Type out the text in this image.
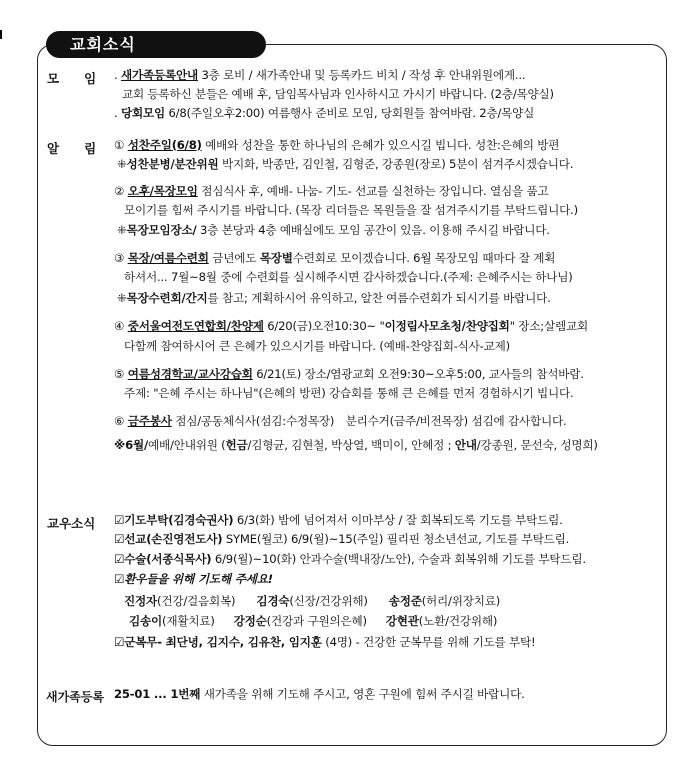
교회소식
모　　임 . 새가족등록안내 3층 로비 / 새가족안내 및 등록카드 비치 / 작성 후 안내위원에게...
교회 등록하신 분들은 예배 후, 담임목사님과 인사하시고 가시기 바랍니다. (2층/목양실)
. 당회모임 6/8(주일오후2:00) 여름행사 준비로 모임, 당회원들 참여바람. 2층/목양실
알　　림 ① 성찬주일(6/8) 예배와 성찬을 통한 하나님의 은혜가 있으시길 빕니다. 성찬:은혜의 방편
⁜성찬분병/분잔위원 박지화, 박종만, 김인철, 김형준, 강종원(장로) 5분이 섬겨주시겠습니다.
② 오후/목장모임 점심식사 후, 예배- 나눔- 기도- 선교를 실천하는 장입니다. 열심을 품고
모이기를 힘써 주시기를 바랍니다. (목장 리더들은 목원들을 잘 섬겨주시기를 부탁드립니다.)
⁜목장모임장소/ 3층 본당과 4층 예배실에도 모임 공간이 있음. 이용해 주시길 바랍니다.
③ 목장/여름수련회 금년에도 목장별수련회로 모이겠습니다. 6월 목장모임 때마다 잘 계획
하셔서... 7월~8월 중에 수련회를 실시해주시면 감사하겠습니다.(주제: 은혜주시는 하나님)
⁜목장수련회/간지를 참고; 계획하시어 유익하고, 알찬 여름수련회가 되시기를 바랍니다.
④ 중서울여전도연합회/찬양제 6/20(금)오전10:30~ "이정림사모초청/찬양집회" 장소;살렘교회
다함께 참여하시어 큰 은혜가 있으시기를 바랍니다. (예배-찬양집회-식사-교제)
⑤ 여름성경학교/교사강습회 6/21(토) 장소/염광교회 오전9:30~오후5:00, 교사들의 참석바람.
주제: "은혜 주시는 하나님"(은혜의 방편) 강습회를 통해 큰 은혜를 먼저 경험하시기 빕니다.
⑥ 금주봉사 점심/공동체식사(섬김:수정목장)　분리수거(금주/비전목장) 섬김에 감사합니다.
※6월/예배/안내위원 (헌금/김형균, 김현철, 박상열, 백미이, 안혜정 ; 안내/강종원, 문선숙, 성명희)
교우소식 ☑기도부탁(김경숙권사) 6/3(화) 밤에 넘어져서 이마부상 / 잘 회복되도록 기도를 부탁드림.
☑선교(손진영전도사) SYME(월코) 6/9(월)~15(주일) 필리핀 청소년선교, 기도를 부탁드림.
☑수술(서종식목사) 6/9(월)~10(화) 안과수술(백내장/노안), 수술과 회복위해 기도를 부탁드림.
☑환우들을 위해 기도해 주세요!
진정자(건강/걸음회복) 김경숙(신장/건강위해) 송정준(허리/위장치료)
김송이(재활치료) 강정순(건강과 구원의은혜) 강현관(노환/건강위해)
☑군복무- 최단녕, 김지수, 김유찬, 임지훈 (4명) - 건강한 군복무를 위해 기도를 부탁!
새가족등록 25-01 ... 1번째 새가족을 위해 기도해 주시고, 영혼 구원에 힘써 주시길 바랍니다.
